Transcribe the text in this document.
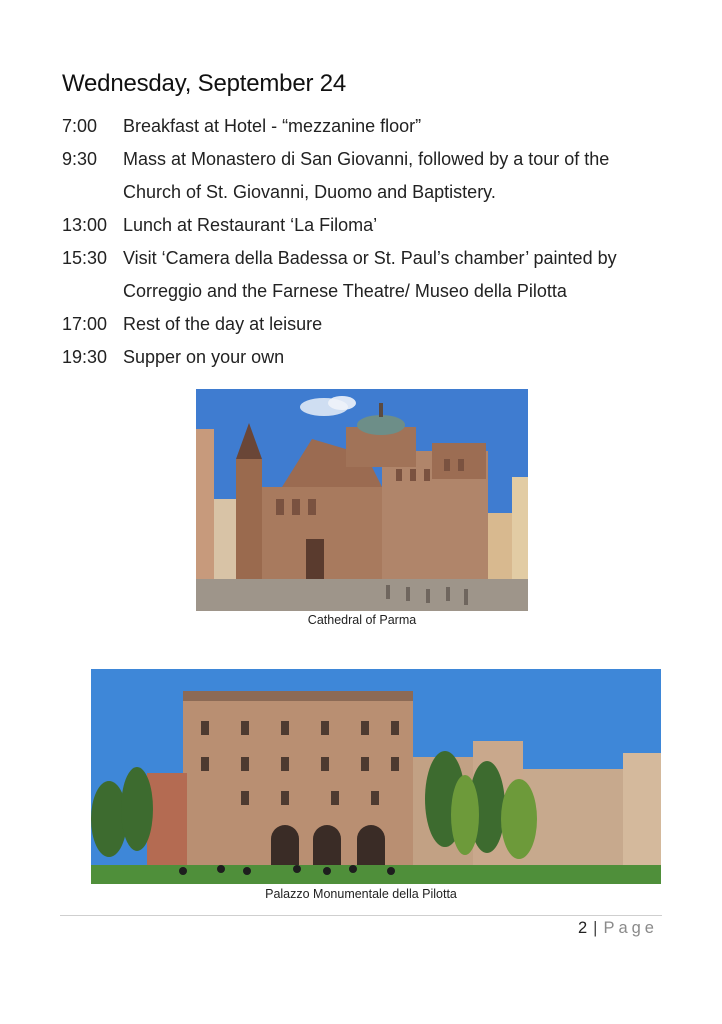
Wednesday, September 24
7:00	Breakfast at Hotel - “mezzanine floor”
9:30	Mass at Monastero di San Giovanni, followed by a tour of the Church of St. Giovanni, Duomo and Baptistery.
13:00 Lunch at Restaurant ‘La Filoma’
15:30 Visit ‘Camera della Badessa or St. Paul’s chamber’ painted by Correggio and the Farnese Theatre/ Museo della Pilotta
17:00 Rest of the day at leisure
19:30 Supper on your own
Cathedral of Parma
Palazzo Monumentale della Pilotta
2 | Page
